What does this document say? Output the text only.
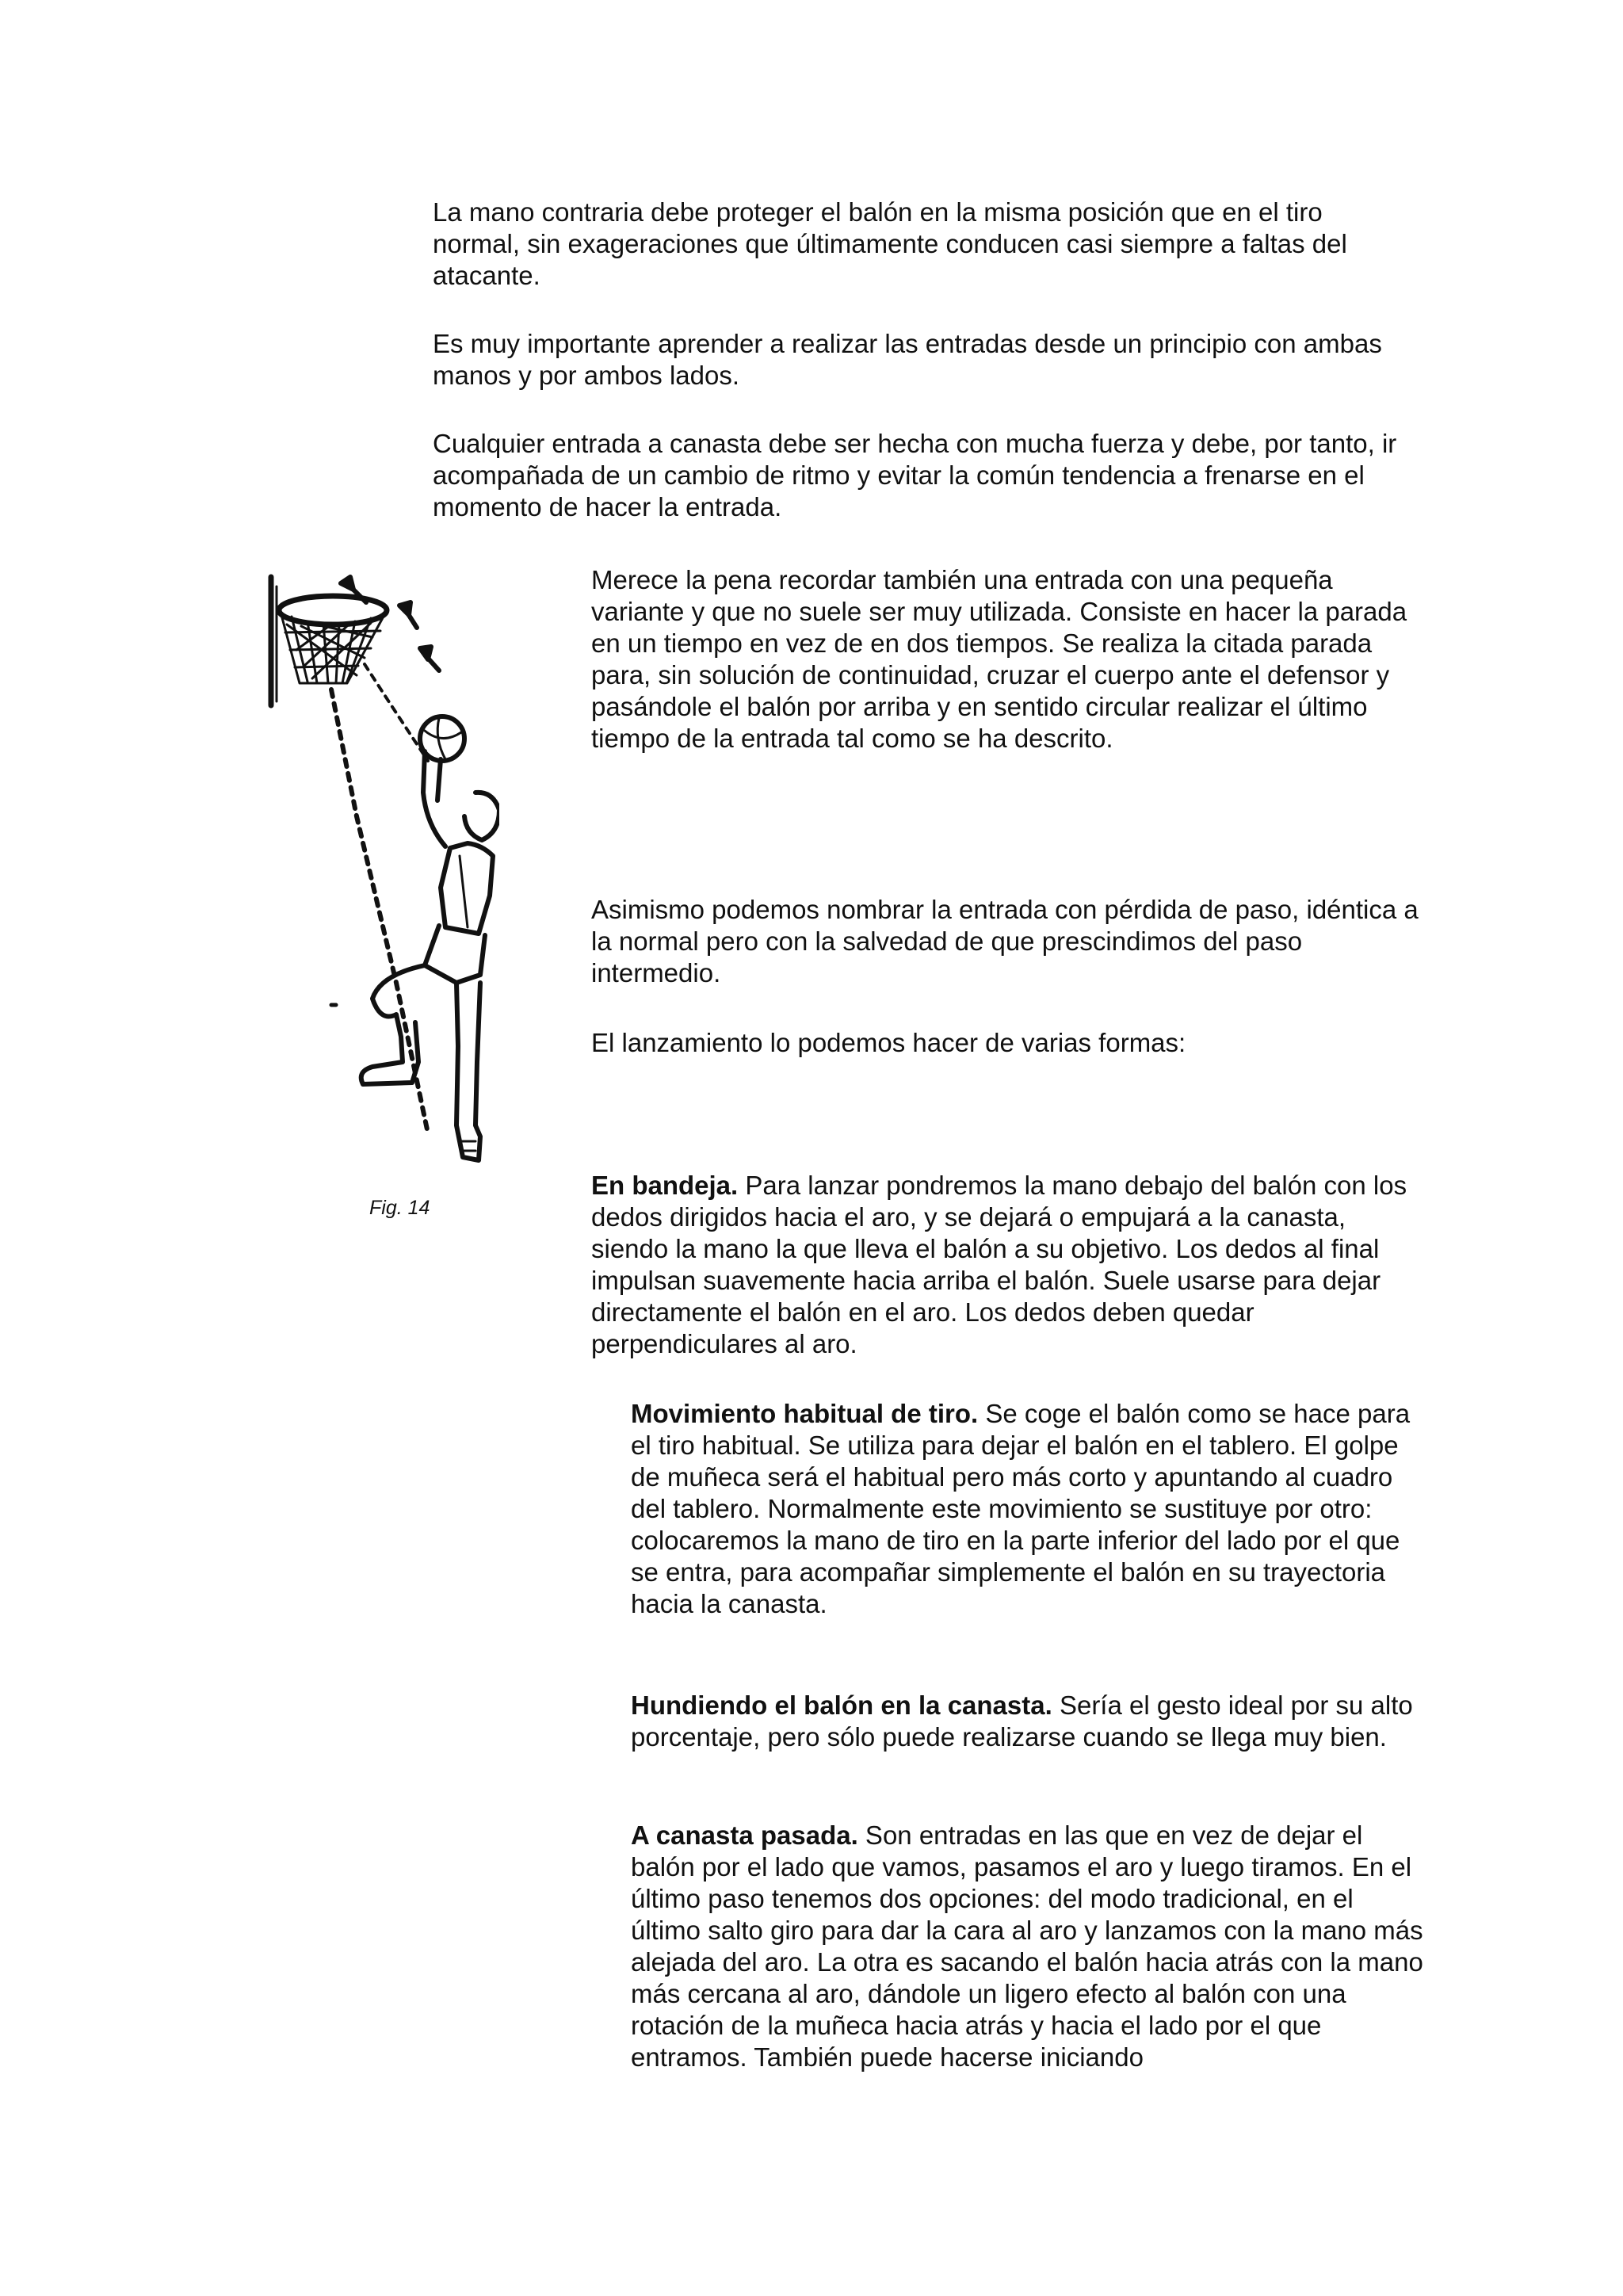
La mano contraria debe proteger el balón en la misma posición que en el tiro normal, sin exageraciones que últimamente conducen casi siempre a faltas del atacante.

Es muy importante aprender a realizar las entradas desde un principio con ambas manos y por ambos lados.

Cualquier entrada a canasta debe ser hecha con mucha fuerza y debe, por tanto, ir acompañada de un cambio de ritmo y evitar la común tendencia a frenarse en el momento de hacer la entrada.

Merece la pena recordar también una entrada con una pequeña variante y que no suele ser muy utilizada. Consiste en hacer la parada en un tiempo en vez de en dos tiempos. Se realiza la citada parada para, sin solución de continuidad, cruzar el cuerpo ante el defensor y pasándole el balón por arriba y en sentido circular realizar el último tiempo de la entrada tal como se ha descrito.

Asimismo podemos nombrar la entrada con pérdida de paso, idéntica a la normal pero con la salvedad de que prescindimos del paso intermedio.

El lanzamiento lo podemos hacer de varias formas:

Fig. 14

En bandeja. Para lanzar pondremos la mano debajo del balón con los dedos dirigidos hacia el aro, y se dejará o empujará a la canasta, siendo la mano la que lleva el balón a su objetivo. Los dedos al final impulsan suavemente hacia arriba el balón. Suele usarse para dejar directamente el balón en el aro. Los dedos deben quedar perpendiculares al aro.

Movimiento habitual de tiro. Se coge el balón como se hace para el tiro habitual. Se utiliza para dejar el balón en el tablero. El golpe de muñeca será el habitual pero más corto y apuntando al cuadro del tablero. Normalmente este movimiento se sustituye por otro: colocaremos la mano de tiro en la parte inferior del lado por el que se entra, para acompañar simplemente el balón en su trayectoria hacia la canasta.

Hundiendo el balón en la canasta. Sería el gesto ideal por su alto porcentaje, pero sólo puede realizarse cuando se llega muy bien.

A canasta pasada. Son entradas en las que en vez de dejar el balón por el lado que vamos, pasamos el aro y luego tiramos. En el último paso tenemos dos opciones: del modo tradicional, en el último salto giro para dar la cara al aro y lanzamos con la mano más alejada del aro. La otra es sacando el balón hacia atrás con la mano más cercana al aro, dándole un ligero efecto al balón con una rotación de la muñeca hacia atrás y hacia el lado por el que entramos. También puede hacerse iniciando
